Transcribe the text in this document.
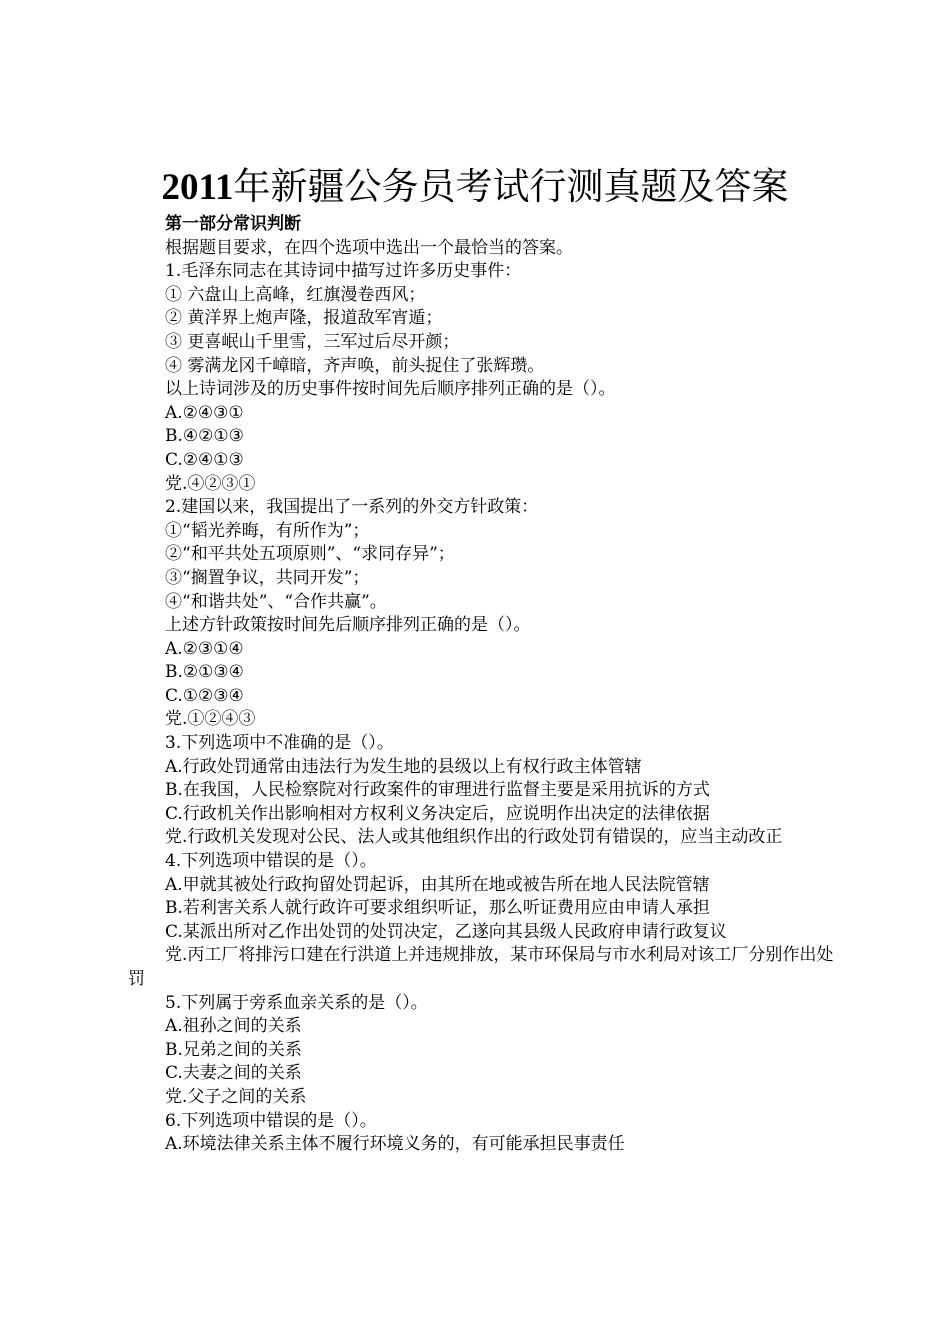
2011年新疆公务员考试行测真题及答案
第一部分常识判断
根据题目要求，在四个选项中选出一个最恰当的答案。
1.毛泽东同志在其诗词中描写过许多历史事件：
① 六盘山上高峰，红旗漫卷西风；
② 黄洋界上炮声隆，报道敌军宵遁；
③ 更喜岷山千里雪，三军过后尽开颜；
④ 雾满龙冈千嶂暗，齐声唤，前头捉住了张辉瓒。
以上诗词涉及的历史事件按时间先后顺序排列正确的是（）。
A.②④③①
B.④②①③
C.②④①③
党.④②③①
2.建国以来，我国提出了一系列的外交方针政策：
①“韬光养晦，有所作为”；
②“和平共处五项原则”、“求同存异”；
③“搁置争议，共同开发”；
④“和谐共处”、“合作共赢”。
上述方针政策按时间先后顺序排列正确的是（）。
A.②③①④
B.②①③④
C.①②③④
党.①②④③
3.下列选项中不准确的是（）。
A.行政处罚通常由违法行为发生地的县级以上有权行政主体管辖
B.在我国，人民检察院对行政案件的审理进行监督主要是采用抗诉的方式
C.行政机关作出影响相对方权利义务决定后，应说明作出决定的法律依据
党.行政机关发现对公民、法人或其他组织作出的行政处罚有错误的，应当主动改正
4.下列选项中错误的是（）。
A.甲就其被处行政拘留处罚起诉，由其所在地或被告所在地人民法院管辖
B.若利害关系人就行政许可要求组织听证，那么听证费用应由申请人承担
C.某派出所对乙作出处罚的处罚决定，乙遂向其县级人民政府申请行政复议
党.丙工厂将排污口建在行洪道上并违规排放，某市环保局与市水利局对该工厂分别作出处罚
5.下列属于旁系血亲关系的是（）。
A.祖孙之间的关系
B.兄弟之间的关系
C.夫妻之间的关系
党.父子之间的关系
6.下列选项中错误的是（）。
A.环境法律关系主体不履行环境义务的，有可能承担民事责任
